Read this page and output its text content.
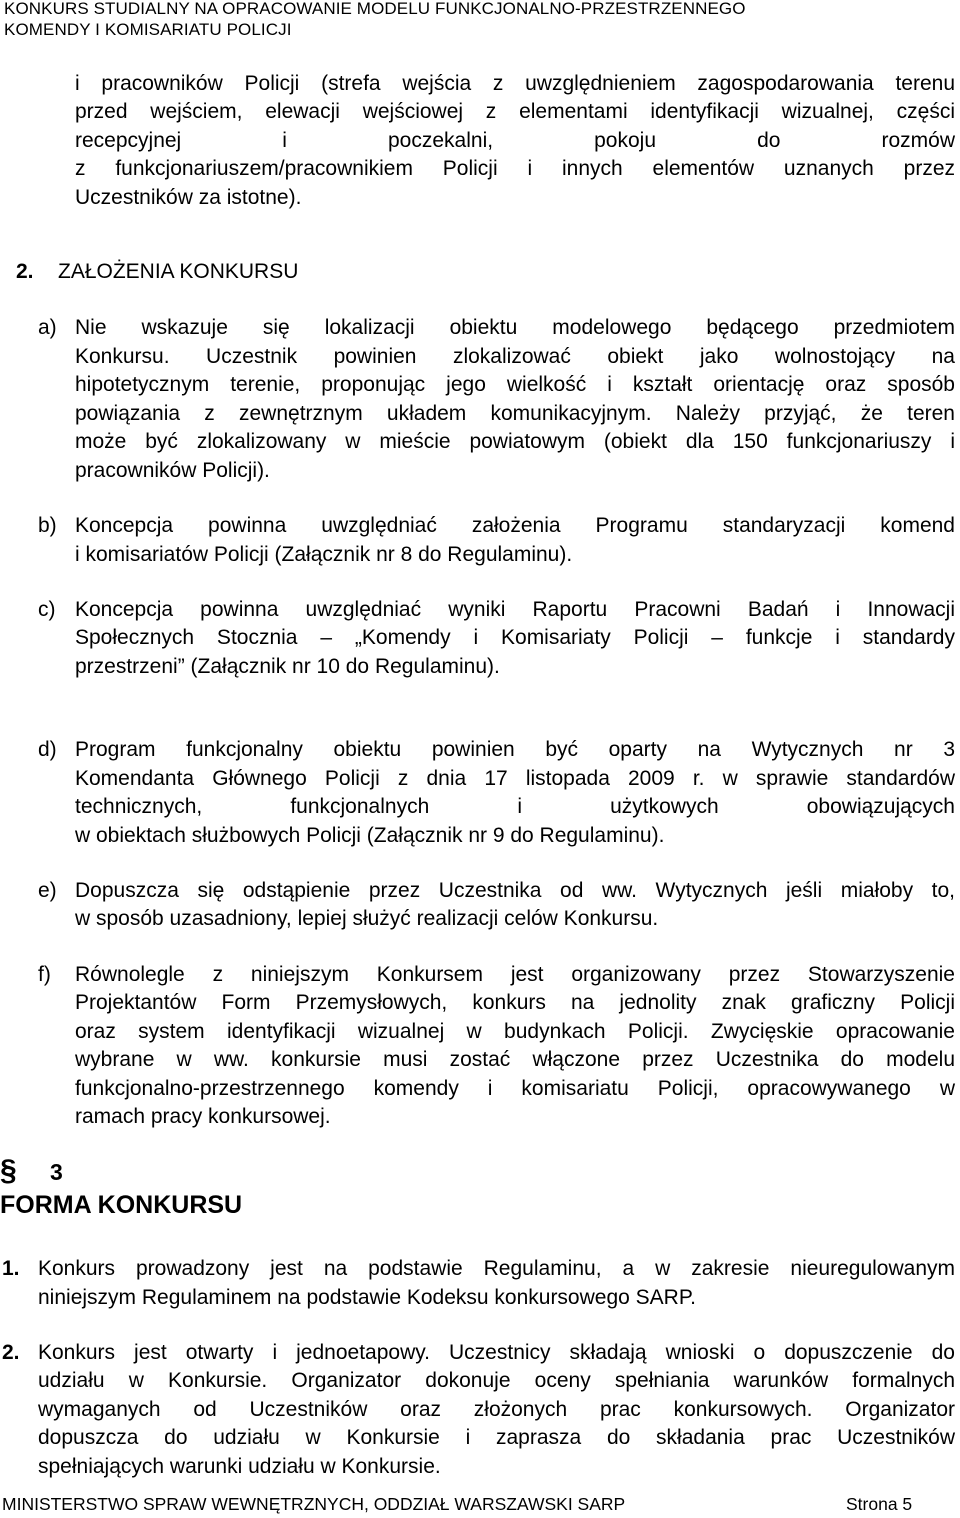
KONKURS STUDIALNY NA OPRACOWANIE MODELU FUNKCJONALNO-PRZESTRZENNEGO
KOMENDY I KOMISARIATU POLICJI
i pracowników Policji (strefa wejścia z uwzględnieniem zagospodarowania terenu
przed wejściem, elewacji wejściowej z elementami identyfikacji wizualnej, części
recepcyjnej i poczekalni, pokoju do rozmów
z funkcjonariuszem/pracownikiem Policji i innych elementów uznanych przez
Uczestników za istotne).
2. ZAŁOŻENIA KONKURSU
a) Nie wskazuje się lokalizacji obiektu modelowego będącego przedmiotem
Konkursu. Uczestnik powinien zlokalizować obiekt jako wolnostojący na
hipotetycznym terenie, proponując jego wielkość i kształt orientację oraz sposób
powiązania z zewnętrznym układem komunikacyjnym. Należy przyjąć, że teren
może być zlokalizowany w mieście powiatowym (obiekt dla 150 funkcjonariuszy i
pracowników Policji).
b) Koncepcja powinna uwzględniać założenia Programu standaryzacji komend
i komisariatów Policji (Załącznik nr 8 do Regulaminu).
c) Koncepcja powinna uwzględniać wyniki Raportu Pracowni Badań i Innowacji
Społecznych Stocznia – „Komendy i Komisariaty Policji – funkcje i standardy
przestrzeni” (Załącznik nr 10 do Regulaminu).
d) Program funkcjonalny obiektu powinien być oparty na Wytycznych nr 3
Komendanta Głównego Policji z dnia 17 listopada 2009 r. w sprawie standardów
technicznych, funkcjonalnych i użytkowych obowiązujących
w obiektach służbowych Policji (Załącznik nr 9 do Regulaminu).
e) Dopuszcza się odstąpienie przez Uczestnika od ww. Wytycznych jeśli miałoby to,
w sposób uzasadniony, lepiej służyć realizacji celów Konkursu.
f) Równolegle z niniejszym Konkursem jest organizowany przez Stowarzyszenie
Projektantów Form Przemysłowych, konkurs na jednolity znak graficzny Policji
oraz system identyfikacji wizualnej w budynkach Policji. Zwycięskie opracowanie
wybrane w ww. konkursie musi zostać włączone przez Uczestnika do modelu
funkcjonalno-przestrzennego komendy i komisariatu Policji, opracowywanego w
ramach pracy konkursowej.
§ 3
FORMA KONKURSU
1. Konkurs prowadzony jest na podstawie Regulaminu, a w zakresie nieuregulowanym
niniejszym Regulaminem na podstawie Kodeksu konkursowego SARP.
2. Konkurs jest otwarty i jednoetapowy. Uczestnicy składają wnioski o dopuszczenie do
udziału w Konkursie. Organizator dokonuje oceny spełniania warunków formalnych
wymaganych od Uczestników oraz złożonych prac konkursowych. Organizator
dopuszcza do udziału w Konkursie i zaprasza do składania prac Uczestników
spełniających warunki udziału w Konkursie.
MINISTERSTWO SPRAW WEWNĘTRZNYCH, ODDZIAŁ WARSZAWSKI SARP	Strona 5
